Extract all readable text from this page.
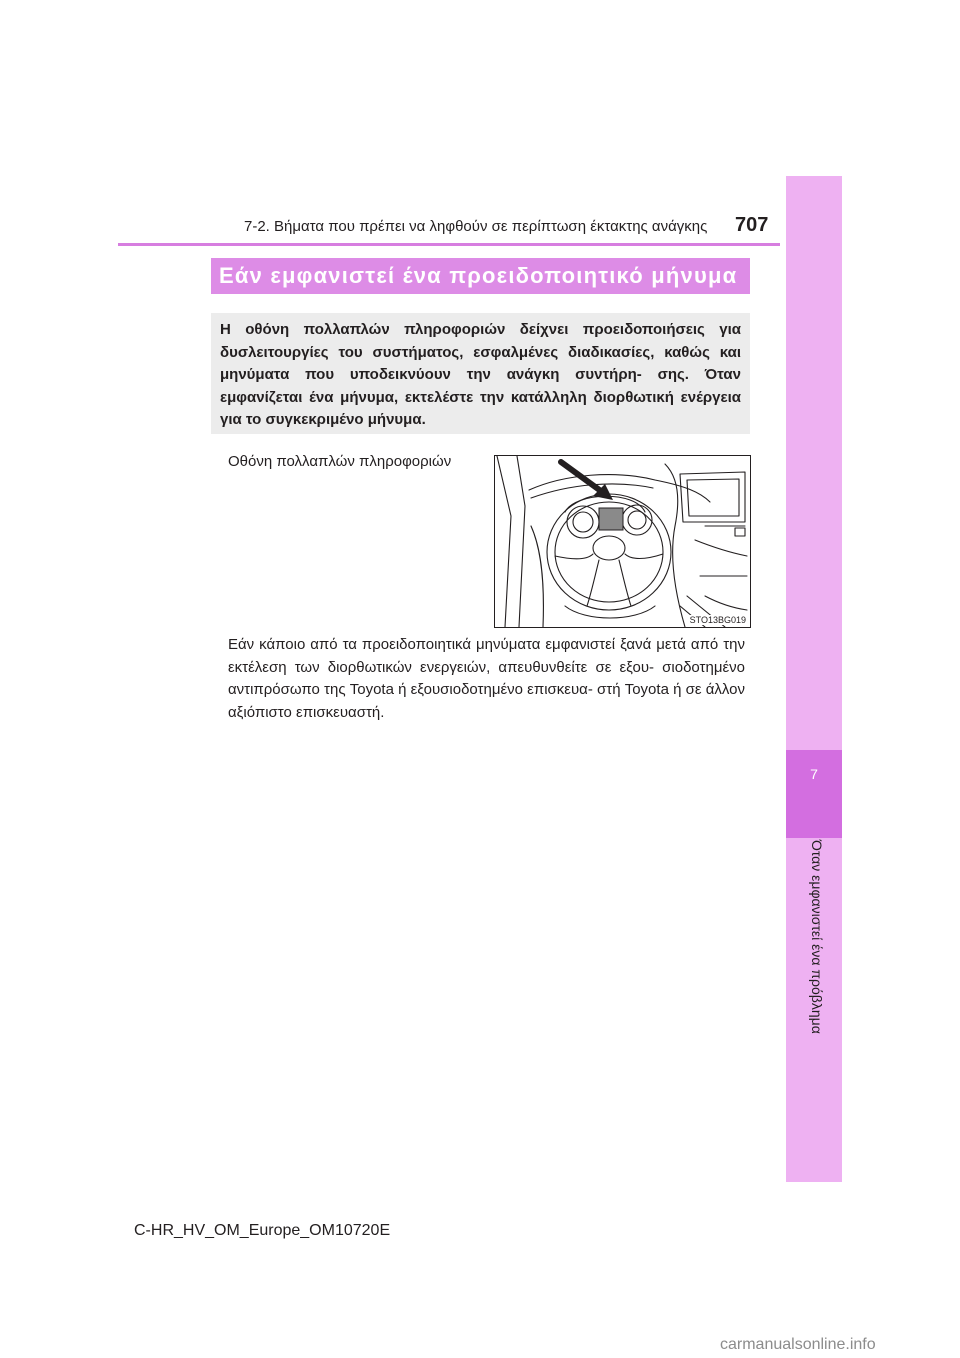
7
Όταν εμφανιστεί ένα πρόβλημα
7-2. Βήματα που πρέπει να ληφθούν σε περίπτωση έκτακτης ανάγκης 707
Εάν εμφανιστεί ένα προειδοποιητικό μήνυμα
Η οθόνη πολλαπλών πληροφοριών δείχνει προειδοποιήσεις για δυσλειτουργίες του συστήματος, εσφαλμένες διαδικασίες, καθώς και μηνύματα που υποδεικνύουν την ανάγκη συντήρη- σης. Όταν εμφανίζεται ένα μήνυμα, εκτελέστε την κατάλληλη διορθωτική ενέργεια για το συγκεκριμένο μήνυμα.
Οθόνη πολλαπλών πληροφοριών
STO13BG019
Εάν κάποιο από τα προειδοποιητικά μηνύματα εμφανιστεί ξανά μετά από την εκτέλεση των διορθωτικών ενεργειών, απευθυνθείτε σε εξου- σιοδοτημένο αντιπρόσωπο της Toyota ή εξουσιοδοτημένο επισκευα- στή Toyota ή σε άλλον αξιόπιστο επισκευαστή.
C-HR_HV_OM_Europe_OM10720E
carmanualsonline.info
